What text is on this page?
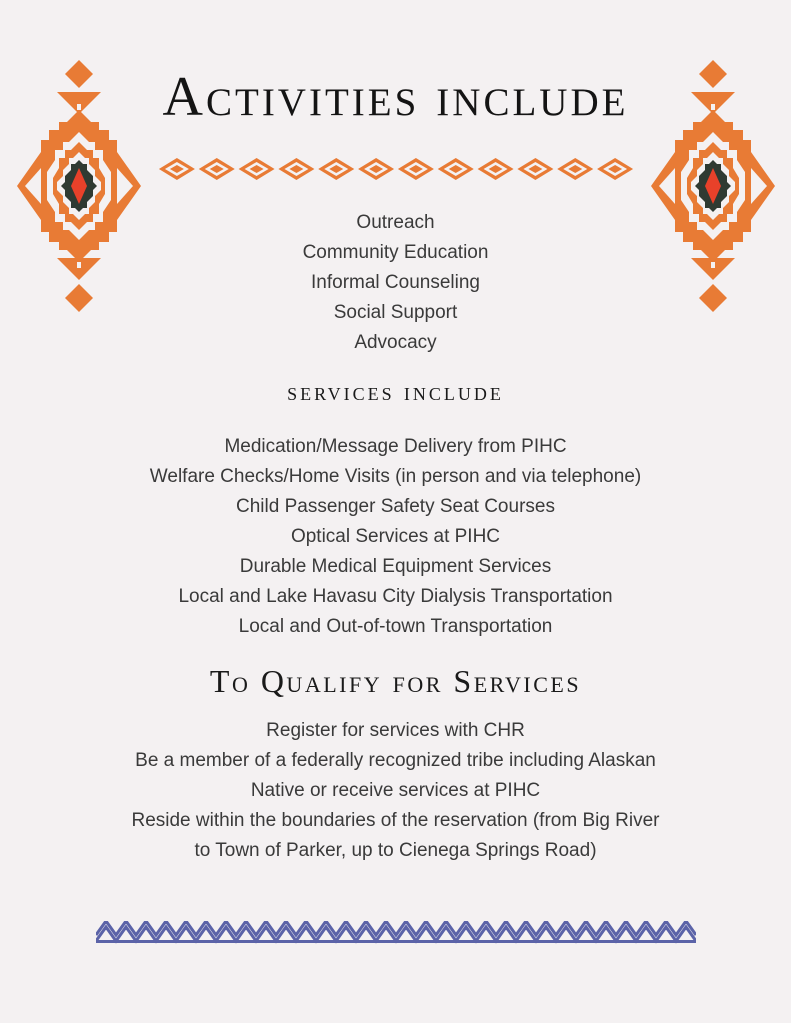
Activities include
Outreach
Community Education
Informal Counseling
Social Support
Advocacy
services include
Medication/Message Delivery from PIHC
Welfare Checks/Home Visits (in person and via telephone)
Child Passenger Safety Seat Courses
Optical Services at PIHC
Durable Medical Equipment Services
Local and Lake Havasu City Dialysis Transportation
Local and Out-of-town Transportation
To Qualify for Services
Register for services with CHR
Be a member of a federally recognized tribe including Alaskan
Native or receive services at PIHC
Reside within the boundaries of the reservation (from Big River
to Town of Parker, up to Cienega Springs Road)
